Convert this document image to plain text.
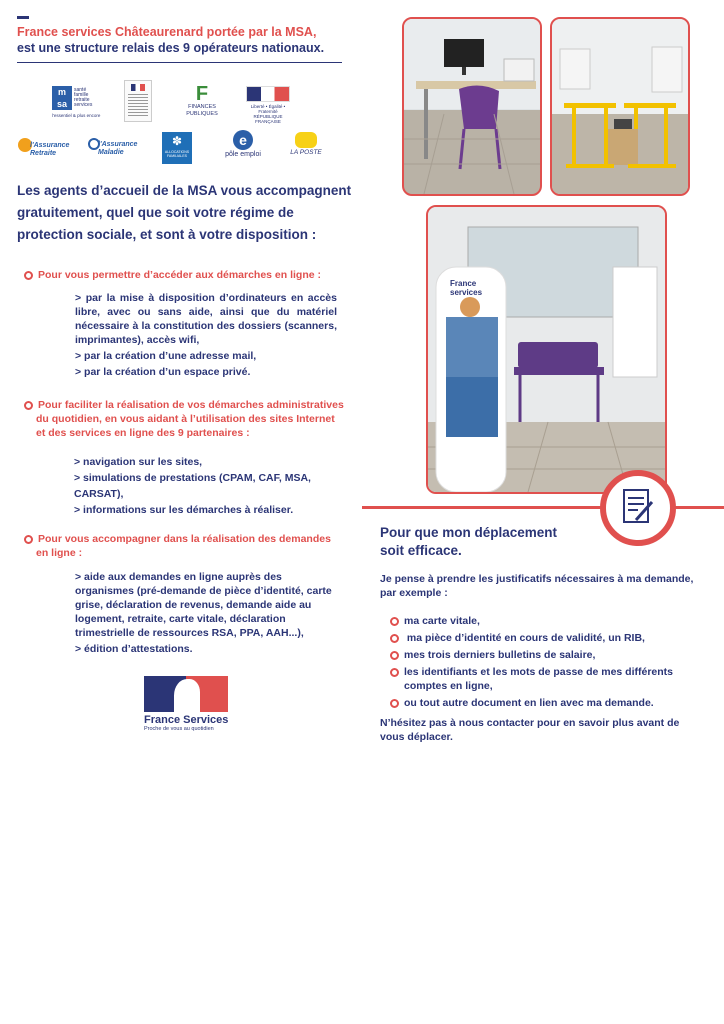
France services Châteaurenard portée par la MSA,
est une structure relais des 9 opérateurs nationaux.
m
sa
santé famille retraite services
l'essentiel & plus encore
F
FINANCES PUBLIQUES
Liberté • Égalité • Fraternité RÉPUBLIQUE FRANÇAISE
l'Assurance Retraite
l'Assurance Maladie
✽
ALLOCATIONS FAMILIALES
e
pôle emploi	LA POSTE
Les agents d’accueil de la MSA vous accompagnent gratuitement, quel que soit votre régime de protection sociale, et sont à votre disposition :
Pour vous permettre d’accéder aux démarches en ligne :
> par la mise à disposition d’ordinateurs en accès libre, avec ou sans aide, ainsi que du matériel nécessaire à la constitution des dossiers (scanners, imprimantes), accès wifi,
> par la création d’une adresse mail,
> par la création d’un espace privé.
Pour faciliter la réalisation de vos démarches administratives
du quotidien, en vous aidant à l’utilisation des sites Internet
et des services en ligne des 9 partenaires :
> navigation sur les sites,
> simulations de prestations (CPAM, CAF, MSA, CARSAT),
> informations sur les démarches à réaliser.
Pour vous accompagner dans la réalisation des demandes
en ligne :
> aide aux demandes en ligne auprès des organismes (pré-demande de pièce d’identité, carte grise, déclaration de revenus, demande aide au logement, retraite, carte vitale, déclaration trimestrielle de ressources RSA, PPA, AAH...),
> édition d’attestations.
France Services
Proche de vous au quotidien
France services
Pour que mon déplacement
soit efficace.
Je pense à prendre les justificatifs nécessaires à ma demande, par exemple :
ma carte vitale,
ma pièce d’identité en cours de validité, un RIB,
mes trois derniers bulletins de salaire,
les identifiants et les mots de passe de mes différents comptes en ligne,
ou tout autre document en lien avec ma demande.
N’hésitez pas à nous contacter pour en savoir plus avant de vous déplacer.
